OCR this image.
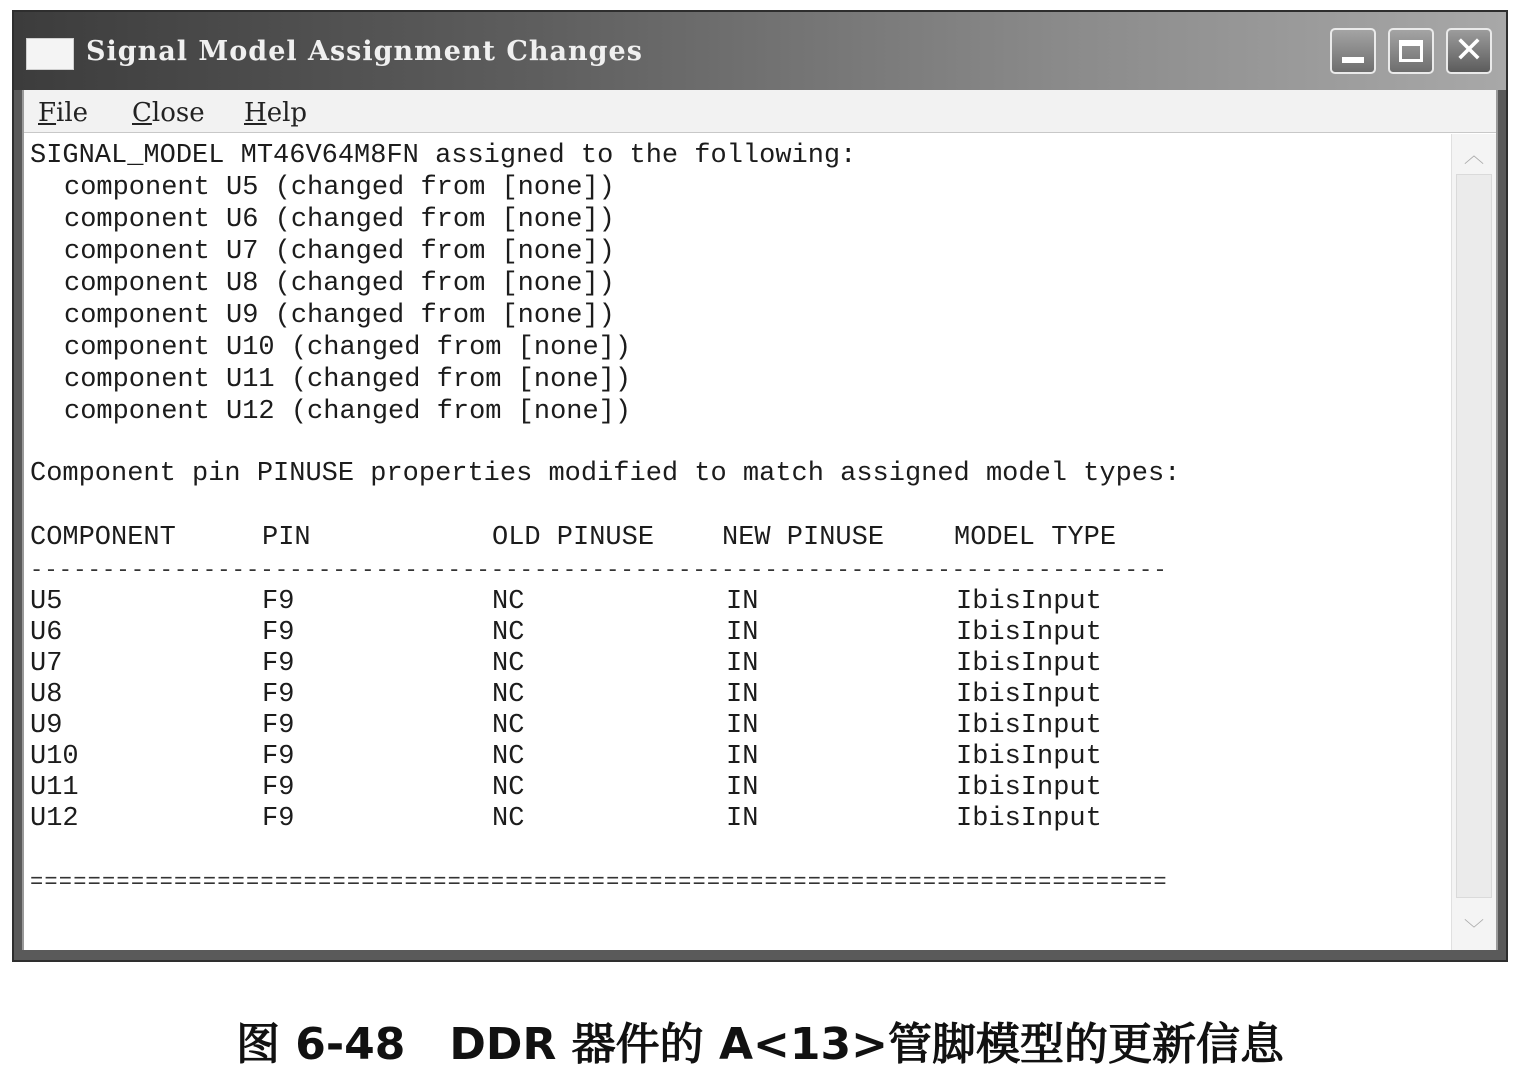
Signal Model Assignment Changes	✕
File Close Help
SIGNAL_MODEL MT46V64M8FN assigned to the following:
component U5 (changed from [none])
component U6 (changed from [none])
component U7 (changed from [none])
component U8 (changed from [none])
component U9 (changed from [none])
component U10 (changed from [none])
component U11 (changed from [none])
component U12 (changed from [none])
Component pin PINUSE properties modified to match assigned model types:
COMPONENT	PIN	OLD PINUSE	NEW PINUSE	MODEL TYPE
-------------------------------------------------------------------------------
U5	F9	NC	IN	IbisInput
U6	F9	NC	IN	IbisInput
U7	F9	NC	IN	IbisInput
U8	F9	NC	IN	IbisInput
U9	F9	NC	IN	IbisInput
U10	F9	NC	IN	IbisInput
U11	F9	NC	IN	IbisInput
U12	F9	NC	IN	IbisInput
===============================================================================
︿
﹀
图 6-48　DDR 器件的 A<13>管脚模型的更新信息
